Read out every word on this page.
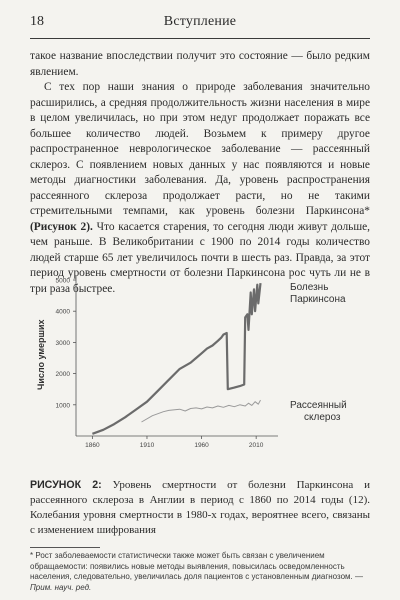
18	Вступление

такое название впоследствии получит это состояние — было редким явлением.

С тех пор наши знания о природе заболевания значительно расширились, а средняя продолжительность жизни населения в мире в целом увеличилась, но при этом недуг продолжает поражать все большее количество людей. Возьмем к примеру другое распространенное неврологическое заболевание — рассеянный склероз. С появлением новых данных у нас появляются и новые методы диагностики заболевания. Да, уровень распространения рассеянного склероза продолжает расти, но не такими стремительными темпами, как уровень болезни Паркинсона* (Рисунок 2). Что касается старения, то сегодня люди живут дольше, чем раньше. В Великобритании с 1900 по 2014 годы количество людей старше 65 лет увеличилось почти в шесть раз. Правда, за этот период уровень смертности от болезни Паркинсона рос чуть ли не в три раза быстрее.

1000
2000
3000
4000
5000
1860	1910	1960	2010
Число умерших
Болезнь Паркинсона
Рассеянный склероз
РИСУНОК 2: Уровень смертности от болезни Паркинсона и рассеянного склероза в Англии в период с 1860 по 2014 годы (12). Колебания уровня смертности в 1980-х годах, вероятнее всего, связаны с изменением шифрования
* Рост заболеваемости статистически также может быть связан с увеличением обращаемости: появились новые методы выявления, повысилась осведомленность населения, следовательно, увеличилась доля пациентов с установленным диагнозом. — Прим. науч. ред.
